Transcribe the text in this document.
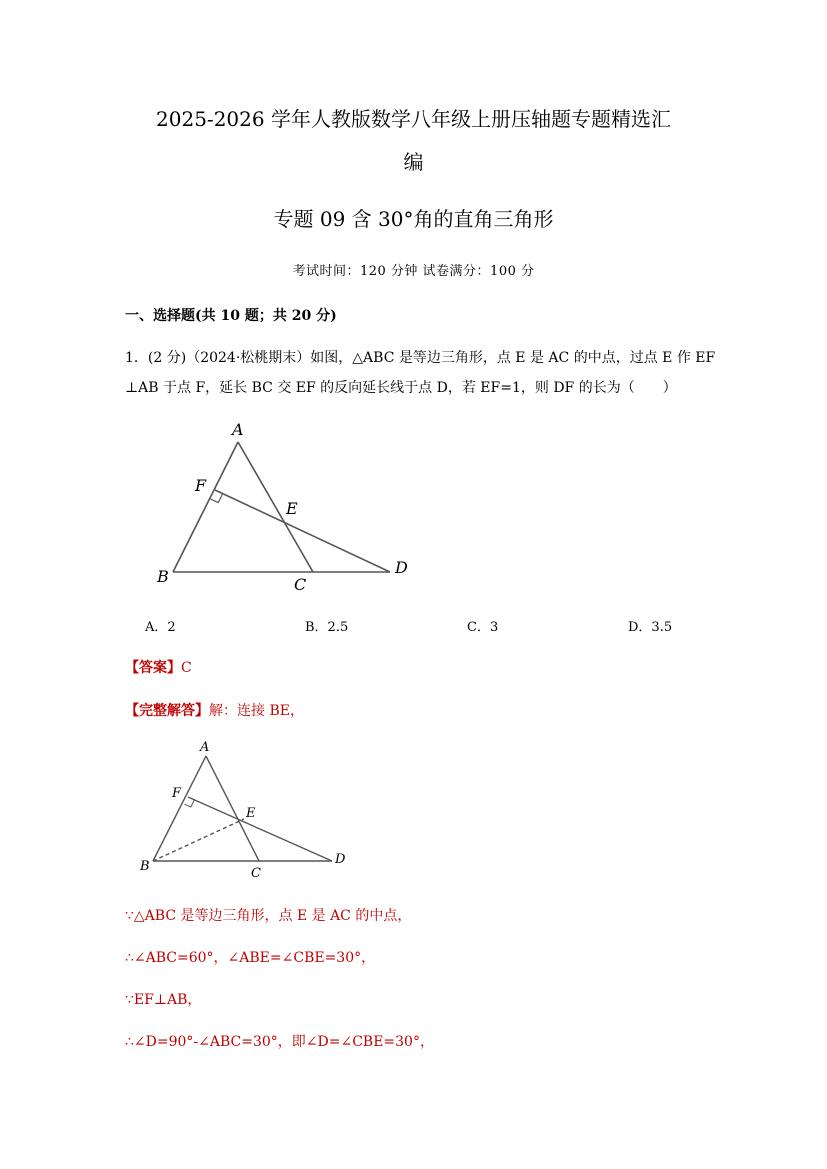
2025-2026 学年人教版数学八年级上册压轴题专题精选汇
编
专题 09 含 30°角的直角三角形
考试时间：120 分钟 试卷满分：100 分
一、选择题(共 10 题；共 20 分)
1．(2 分)（2024·松桃期末）如图，△ABC 是等边三角形，点 E 是 AC 的中点，过点 E 作 EF
⊥AB 于点 F，延长 BC 交 EF 的反向延长线于点 D，若 EF=1，则 DF 的长为（　　）
A
F
E
B	C
D
A．2	B．2.5	C．3	D．3.5
【答案】C
【完整解答】解：连接 BE，
A
F
E
B	C
D
∵△ABC 是等边三角形，点 E 是 AC 的中点，
∴∠ABC=60°，∠ABE=∠CBE=30°，
∵EF⊥AB，
∴∠D=90°-∠ABC=30°，即∠D=∠CBE=30°，
